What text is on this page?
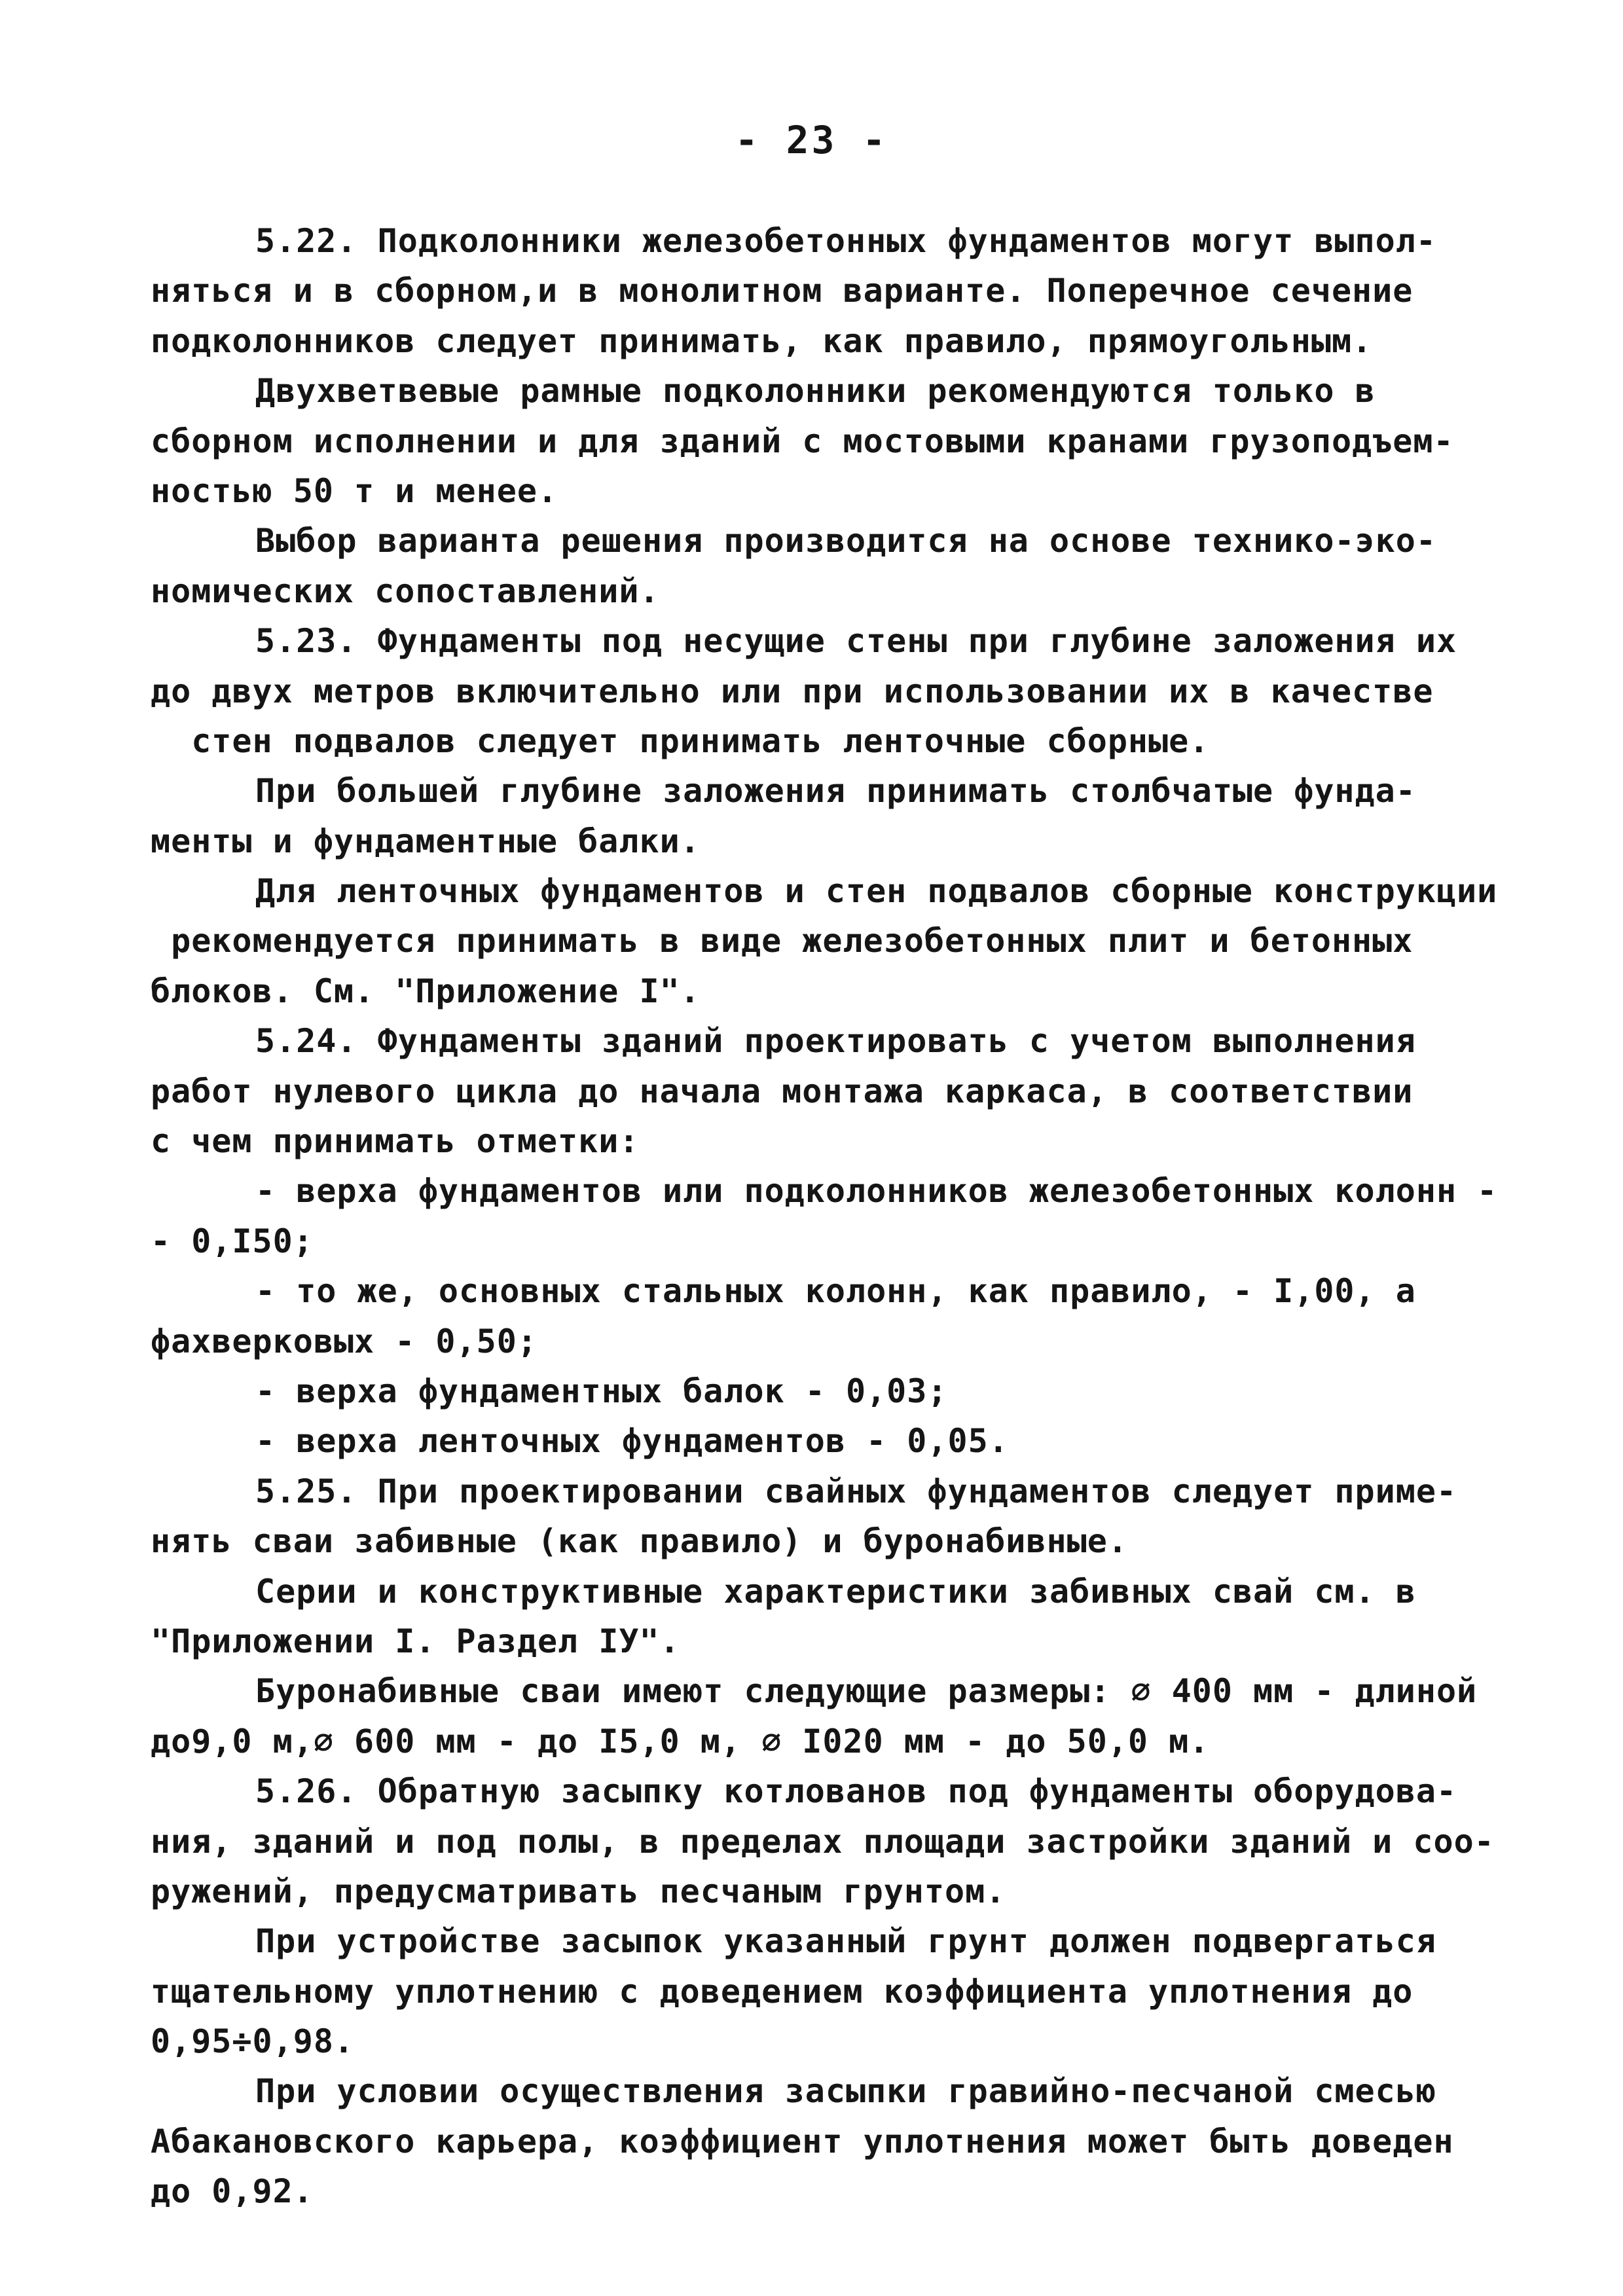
- 23 -
5.22. Подколонники железобетонных фундаментов могут выпол-
няться и в сборном,и в монолитном варианте. Поперечное сечение
подколонников следует принимать, как правило, прямоугольным.
Двухветвевые рамные подколонники рекомендуются только в
сборном исполнении и для зданий с мостовыми кранами грузоподъем-
ностью 50 т и менее.
Выбор варианта решения производится на основе технико-эко-
номических сопоставлений.
5.23. Фундаменты под несущие стены при глубине заложения их
до двух метров включительно или при использовании их в качестве
стен подвалов следует принимать ленточные сборные.
При большей глубине заложения принимать столбчатые фунда-
менты и фундаментные балки.
Для ленточных фундаментов и стен подвалов сборные конструкции
рекомендуется принимать в виде железобетонных плит и бетонных
блоков. См. "Приложение I".
5.24. Фундаменты зданий проектировать с учетом выполнения
работ нулевого цикла до начала монтажа каркаса, в соответствии
с чем принимать отметки:
- верха фундаментов или подколонников железобетонных колонн -
- 0,I50;
- то же, основных стальных колонн, как правило, - I,00, а
фахверковых - 0,50;
- верха фундаментных балок - 0,03;
- верха ленточных фундаментов - 0,05.
5.25. При проектировании свайных фундаментов следует приме-
нять сваи забивные (как правило) и буронабивные.
Серии и конструктивные характеристики забивных свай см. в
"Приложении I. Раздел IУ".
Буронабивные сваи имеют следующие размеры: ∅ 400 мм - длиной
до9,0 м,∅ 600 мм - до I5,0 м, ∅ I020 мм - до 50,0 м.
5.26. Обратную засыпку котлованов под фундаменты оборудова-
ния, зданий и под полы, в пределах площади застройки зданий и соо-
ружений, предусматривать песчаным грунтом.
При устройстве засыпок указанный грунт должен подвергаться
тщательному уплотнению с доведением коэффициента уплотнения до
0,95÷0,98.
При условии осуществления засыпки гравийно-песчаной смесью
Абакановского карьера, коэффициент уплотнения может быть доведен
до 0,92.
